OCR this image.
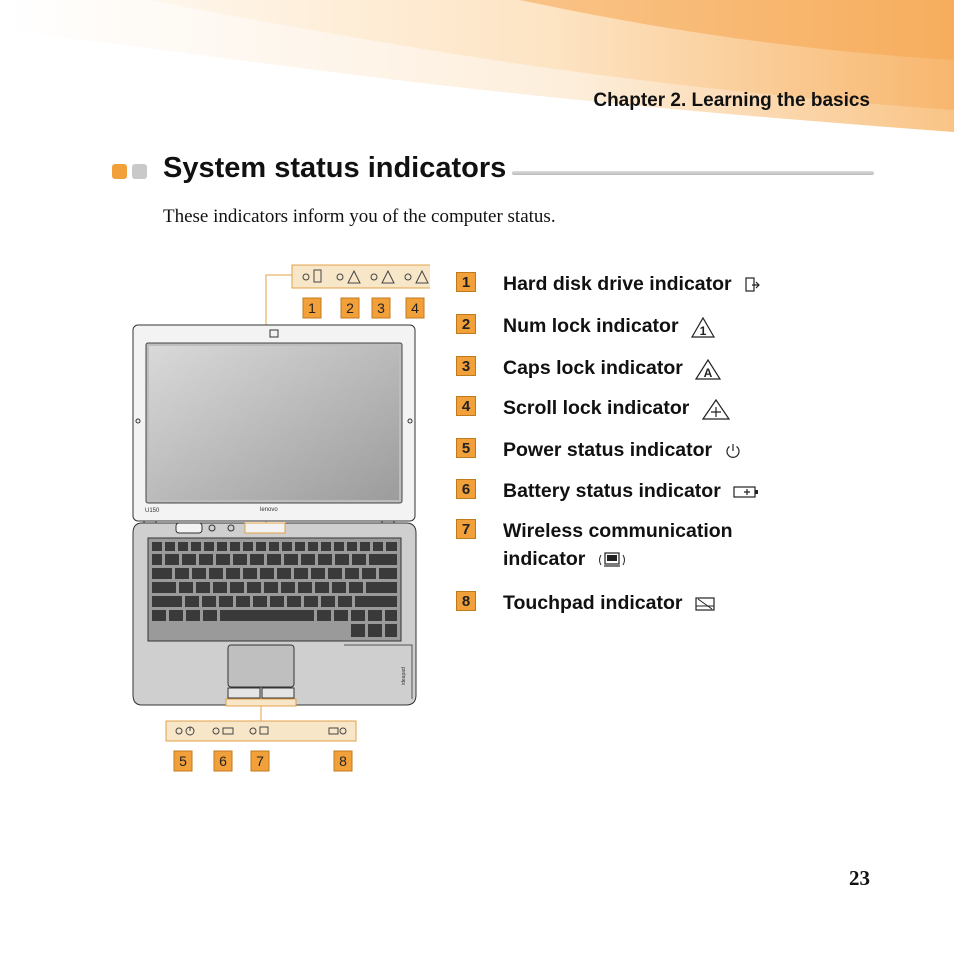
Chapter 2. Learning the basics
System status indicators
These indicators inform you of the computer status.
1 2 3 4
U150	lenovo
ideapad
5 6 7	8
1 Hard disk drive indicator
2 Num lock indicator 1
3 Caps lock indicator A
4 Scroll lock indicator
5 Power status indicator
6 Battery status indicator
7 Wireless communication
indicator
8 Touchpad indicator
23
